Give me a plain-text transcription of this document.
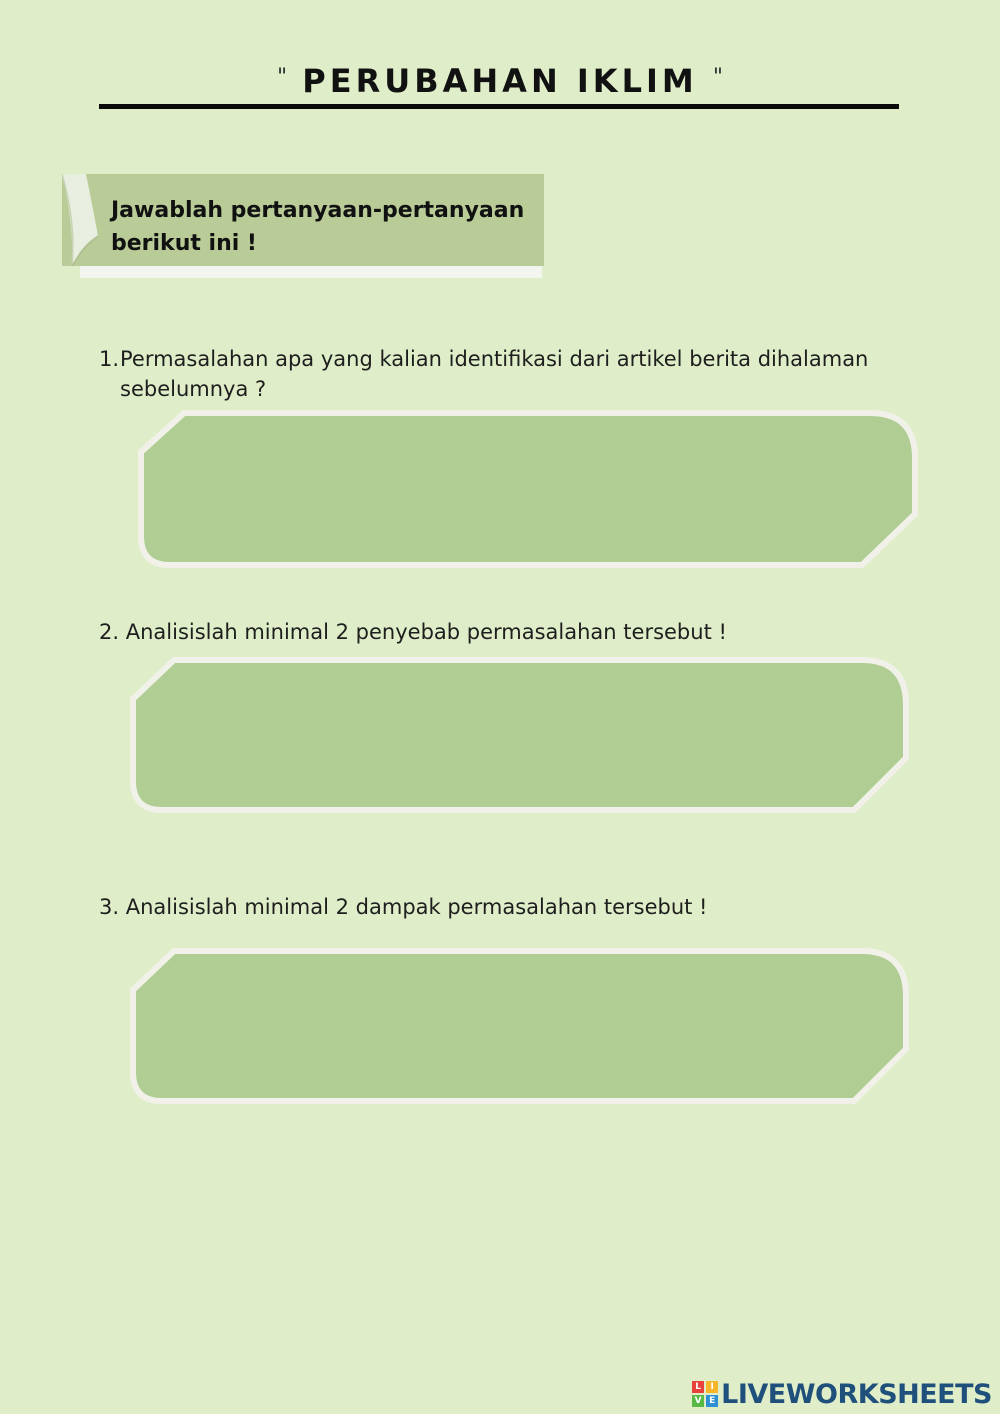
" PERUBAHAN IKLIM "
Jawablah pertanyaan-pertanyaan berikut ini !
1. Permasalahan apa yang kalian identifikasi dari artikel berita dihalaman sebelumnya ?
2. Analisislah minimal 2 penyebab permasalahan tersebut !
3. Analisislah minimal 2 dampak permasalahan tersebut !
L	I
V E LIVEWORKSHEETS
